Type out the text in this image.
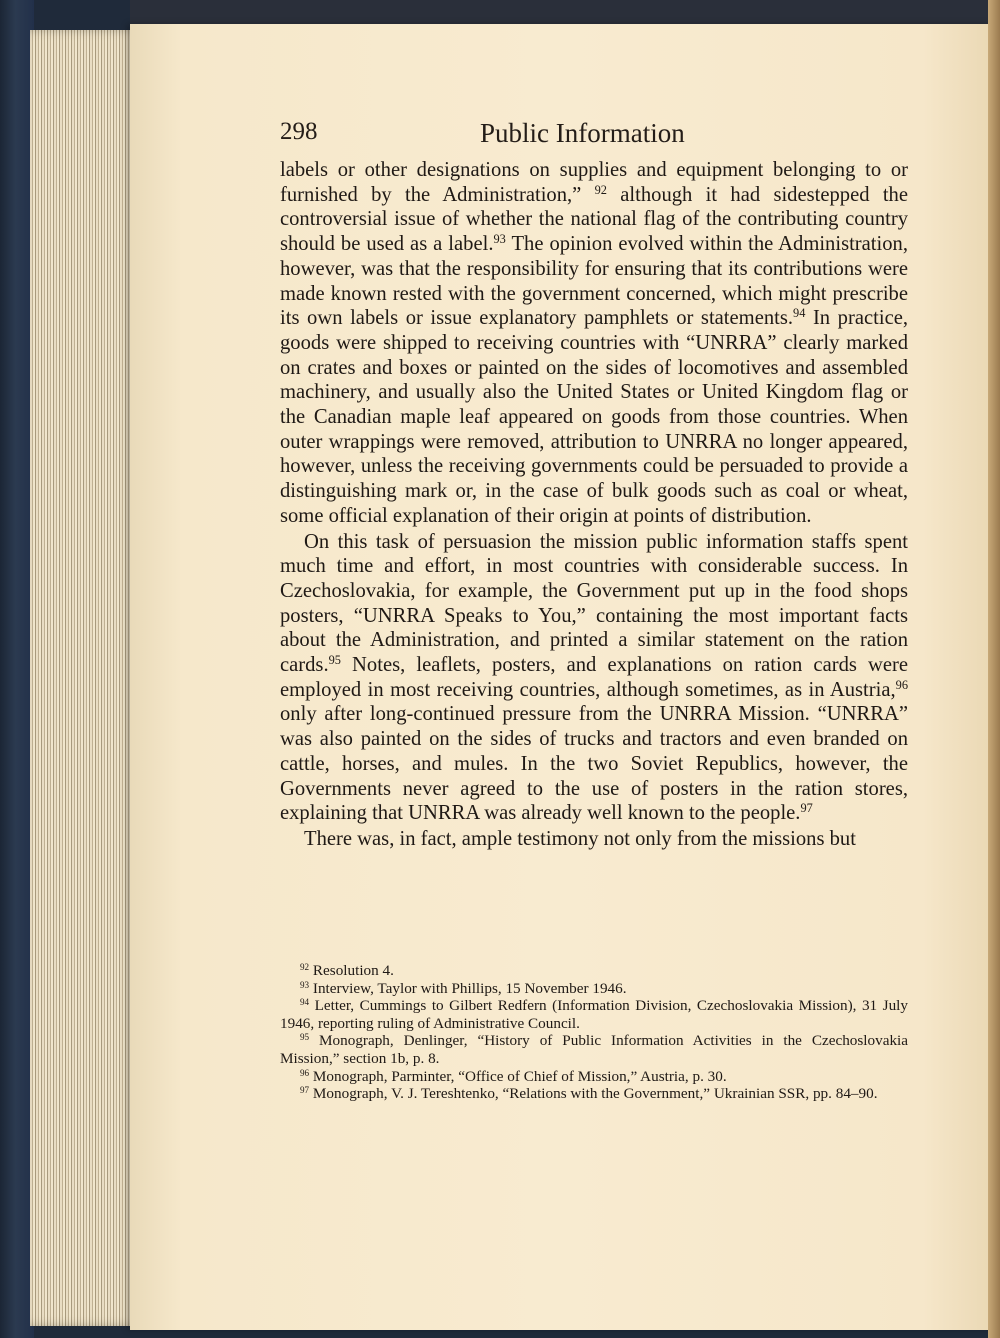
298	Public Information

labels or other designations on supplies and equipment belonging to or furnished by the Administration,” $^{92}$ although it had sidestepped the controversial issue of whether the national flag of the contributing country should be used as a label.$^{93}$ The opinion evolved within the Administration, however, was that the responsibility for ensuring that its contributions were made known rested with the government concerned, which might prescribe its own labels or issue explanatory pamphlets or statements.$^{94}$ In practice, goods were shipped to receiving countries with “UNRRA” clearly marked on crates and boxes or painted on the sides of locomotives and assembled machinery, and usually also the United States or United Kingdom flag or the Canadian maple leaf appeared on goods from those countries. When outer wrappings were removed, attribution to UNRRA no longer appeared, however, unless the receiving governments could be persuaded to provide a distinguishing mark or, in the case of bulk goods such as coal or wheat, some official explanation of their origin at points of distribution.

On this task of persuasion the mission public information staffs spent much time and effort, in most countries with considerable success. In Czechoslovakia, for example, the Government put up in the food shops posters, “UNRRA Speaks to You,” containing the most important facts about the Administration, and printed a similar statement on the ration cards.$^{95}$ Notes, leaflets, posters, and explanations on ration cards were employed in most receiving countries, although sometimes, as in Austria,$^{96}$ only after long-continued pressure from the UNRRA Mission. “UNRRA” was also painted on the sides of trucks and tractors and even branded on cattle, horses, and mules. In the two Soviet Republics, however, the Governments never agreed to the use of posters in the ration stores, explaining that UNRRA was already well known to the people.$^{97}$

There was, in fact, ample testimony not only from the missions but

$^{92}$ Resolution 4.

$^{93}$ Interview, Taylor with Phillips, 15 November 1946.

$^{94}$ Letter, Cummings to Gilbert Redfern (Information Division, Czechoslovakia Mission), 31 July 1946, reporting ruling of Administrative Council.

$^{95}$ Monograph, Denlinger, “History of Public Information Activities in the Czechoslovakia Mission,” section 1b, p. 8.

$^{96}$ Monograph, Parminter, “Office of Chief of Mission,” Austria, p. 30.

$^{97}$ Monograph, V. J. Tereshtenko, “Relations with the Government,” Ukrainian SSR, pp. 84–90.
